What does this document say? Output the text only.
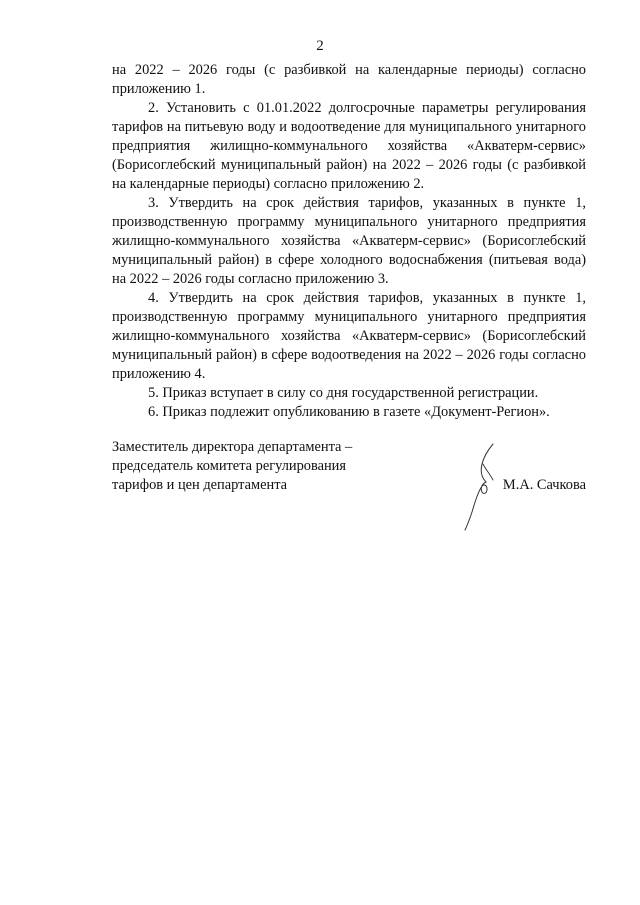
2

на 2022 – 2026 годы (с разбивкой на календарные периоды) согласно приложению 1.

2. Установить с 01.01.2022 долгосрочные параметры регулирования тарифов на питьевую воду и водоотведение для муниципального унитарного предприятия жилищно-коммунального хозяйства «Акватерм-сервис» (Борисоглебский муниципальный район) на 2022 – 2026 годы (с разбивкой на календарные периоды) согласно приложению 2.

3. Утвердить на срок действия тарифов, указанных в пункте 1, производственную программу муниципального унитарного предприятия жилищно-коммунального хозяйства «Акватерм-сервис» (Борисоглебский муниципальный район) в сфере холодного водоснабжения (питьевая вода) на 2022 – 2026 годы согласно приложению 3.

4. Утвердить на срок действия тарифов, указанных в пункте 1, производственную программу муниципального унитарного предприятия жилищно-коммунального хозяйства «Акватерм-сервис» (Борисоглебский муниципальный район) в сфере водоотведения на 2022 – 2026 годы согласно приложению 4.

5. Приказ вступает в силу со дня государственной регистрации.

6. Приказ подлежит опубликованию в газете «Документ-Регион».

Заместитель директора департамента –
председатель комитета регулирования
тарифов и цен департамента	М.А. Сачкова
